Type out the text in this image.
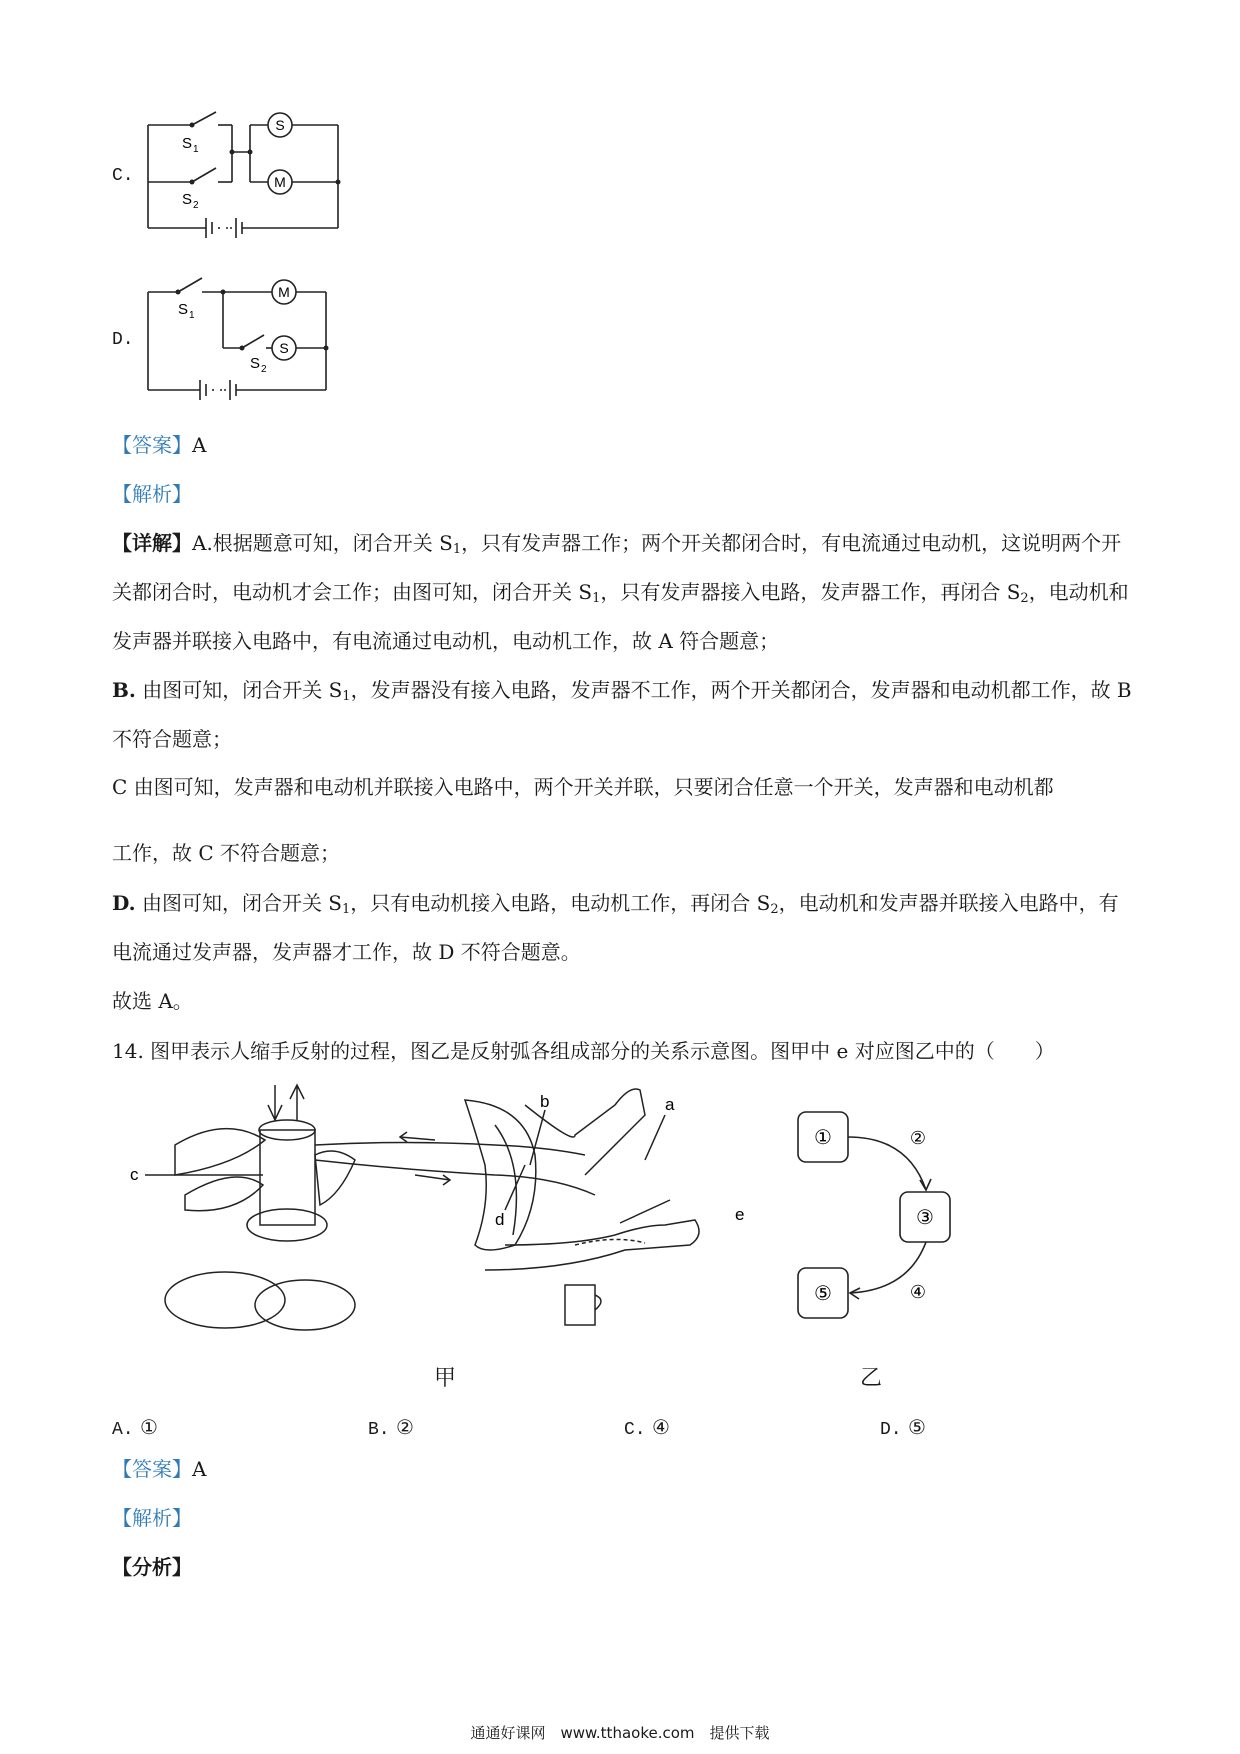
C.
S
M
S 1
S 2
D.
M
S
S 1
S 2
【答案】A
【解析】
【详解】A.根据题意可知，闭合开关 $S_1$，只有发声器工作；两个开关都闭合时，有电流通过电动机，这说明两个开关都闭合时，电动机才会工作；由图可知，闭合开关 $S_1$，只有发声器接入电路，发声器工作，再闭合 $S_2$，电动机和发声器并联接入电路中，有电流通过电动机，电动机工作，故 A 符合题意；
B. 由图可知，闭合开关 $S_1$，发声器没有接入电路，发声器不工作，两个开关都闭合，发声器和电动机都工作，故 B 不符合题意；
C 由图可知，发声器和电动机并联接入电路中，两个开关并联，只要闭合任意一个开关，发声器和电动机都
工作，故 C 不符合题意；
D. 由图可知，闭合开关 $S_1$，只有电动机接入电路，电动机工作，再闭合 $S_2$，电动机和发声器并联接入电路中，有电流通过发声器，发声器才工作，故 D 不符合题意。
故选 A。
14. 图甲表示人缩手反射的过程，图乙是反射弧各组成部分的关系示意图。图甲中 e 对应图乙中的（　　）
c
b
d
a
e
①	②
③
④
⑤
甲	乙
A. ①	B. ②	C. ④	D. ⑤
【答案】A
【解析】
【分析】
通通好课网　www.tthaoke.com　提供下载
